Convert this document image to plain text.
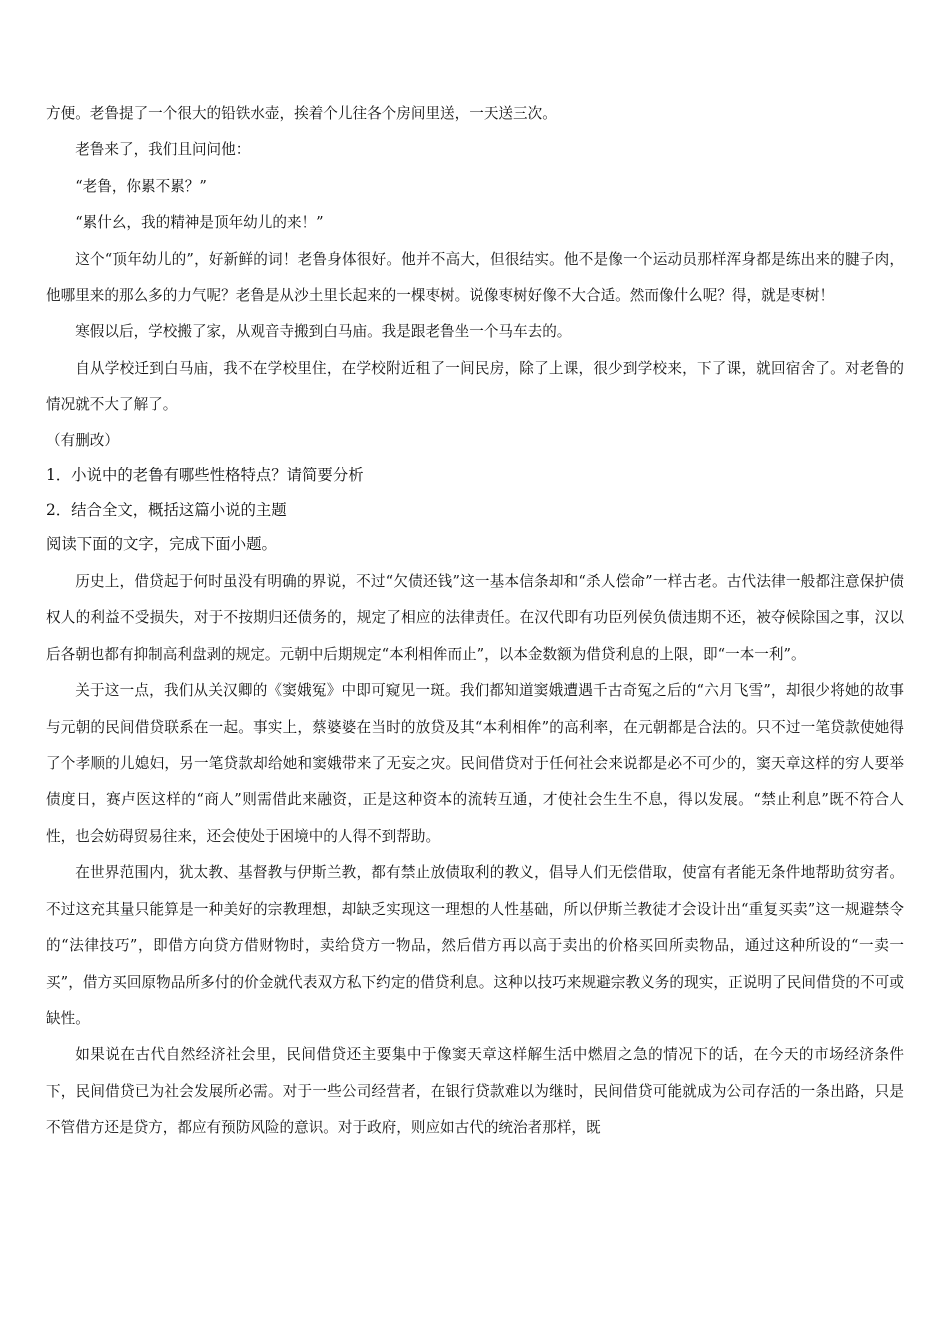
方便。老鲁提了一个很大的铅铁水壶，挨着个儿往各个房间里送，一天送三次。

老鲁来了，我们且问问他：

“老鲁，你累不累？”

“累什幺，我的精神是顶年幼儿的来！”

这个“顶年幼儿的”，好新鲜的词！老鲁身体很好。他并不高大，但很结实。他不是像一个运动员那样浑身都是练出来的腱子肉，他哪里来的那么多的力气呢？老鲁是从沙土里长起来的一棵枣树。说像枣树好像不大合适。然而像什么呢？得，就是枣树！

寒假以后，学校搬了家，从观音寺搬到白马庙。我是跟老鲁坐一个马车去的。

自从学校迁到白马庙，我不在学校里住，在学校附近租了一间民房，除了上课，很少到学校来，下了课，就回宿舍了。对老鲁的情况就不大了解了。

（有删改）

1．小说中的老鲁有哪些性格特点？请简要分析

2．结合全文，概括这篇小说的主题

阅读下面的文字，完成下面小题。

历史上，借贷起于何时虽没有明确的界说，不过“欠债还钱”这一基本信条却和“杀人偿命”一样古老。古代法律一般都注意保护债权人的利益不受损失，对于不按期归还债务的，规定了相应的法律责任。在汉代即有功臣列侯负债违期不还，被夺候除国之事，汉以后各朝也都有抑制高利盘剥的规定。元朝中后期规定“本利相侔而止”，以本金数额为借贷利息的上限，即“一本一利”。

关于这一点，我们从关汉卿的《窦娥冤》中即可窥见一斑。我们都知道窦娥遭遇千古奇冤之后的“六月飞雪”，却很少将她的故事与元朝的民间借贷联系在一起。事实上，蔡婆婆在当时的放贷及其“本利相侔”的高利率，在元朝都是合法的。只不过一笔贷款使她得了个孝顺的儿媳妇，另一笔贷款却给她和窦娥带来了无妄之灾。民间借贷对于任何社会来说都是必不可少的，窦天章这样的穷人要举债度日，赛卢医这样的“商人”则需借此来融资，正是这种资本的流转互通，才使社会生生不息，得以发展。“禁止利息”既不符合人性，也会妨碍贸易往来，还会使处于困境中的人得不到帮助。

在世界范围内，犹太教、基督教与伊斯兰教，都有禁止放债取利的教义，倡导人们无偿借取，使富有者能无条件地帮助贫穷者。不过这充其量只能算是一种美好的宗教理想，却缺乏实现这一理想的人性基础，所以伊斯兰教徒才会设计出“重复买卖”这一规避禁令的“法律技巧”，即借方向贷方借财物时，卖给贷方一物品，然后借方再以高于卖出的价格买回所卖物品，通过这种所设的“一卖一买”，借方买回原物品所多付的价金就代表双方私下约定的借贷利息。这种以技巧来规避宗教义务的现实，正说明了民间借贷的不可或缺性。

如果说在古代自然经济社会里，民间借贷还主要集中于像窦天章这样解生活中燃眉之急的情况下的话，在今天的市场经济条件下，民间借贷已为社会发展所必需。对于一些公司经营者，在银行贷款难以为继时，民间借贷可能就成为公司存活的一条出路，只是不管借方还是贷方，都应有预防风险的意识。对于政府，则应如古代的统治者那样，既
